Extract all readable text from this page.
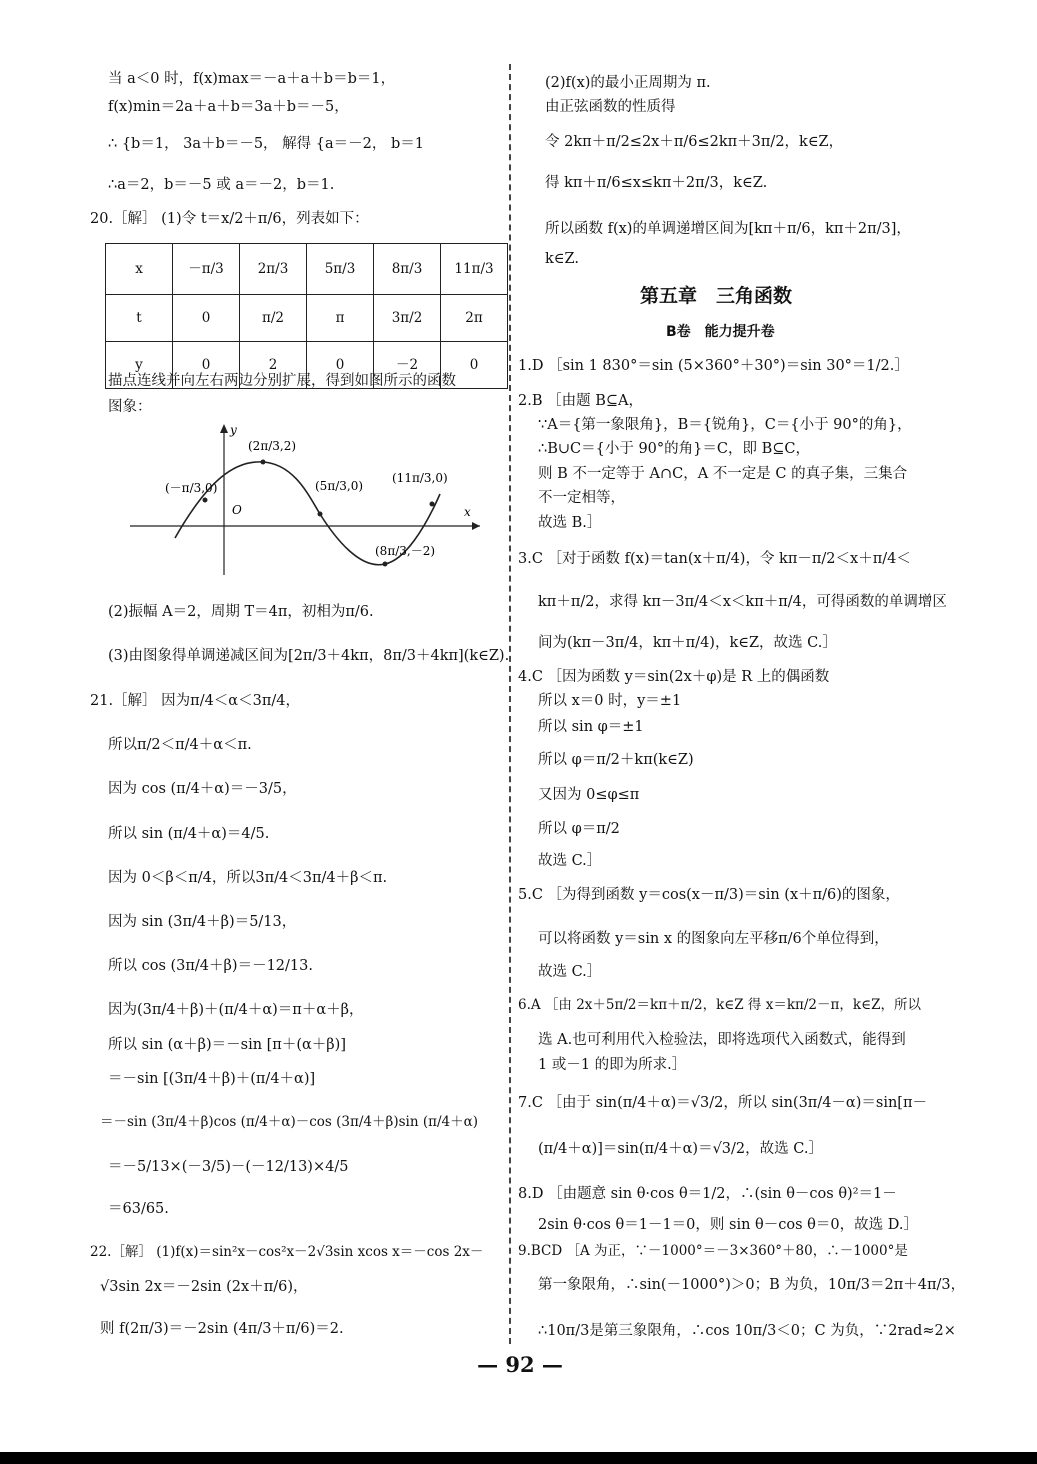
当 a＜0 时，f(x)max＝－a＋a＋b＝b＝1，
f(x)min＝2a＋a＋b＝3a＋b＝－5，
∴ {b＝1， 3a＋b＝－5， 解得 {a＝－2， b＝1
∴a＝2，b＝－5 或 a＝－2，b＝1.
20.［解］ (1)令 t＝x/2＋π/6，列表如下：
x	－π/3	2π/3	5π/3	8π/3	11π/3
t	0	π/2	π	3π/2	2π
y	0	2	0	－2	0
描点连线并向左右两边分别扩展，得到如图所示的函数
图象：
y
x
O
(－π/3,0)
(2π/3,2)
(5π/3,0)
(11π/3,0)
(8π/3,－2)
(2)振幅 A＝2，周期 T＝4π，初相为π/6.
(3)由图象得单调递减区间为[2π/3＋4kπ，8π/3＋4kπ](k∈Z).
21.［解］ 因为π/4＜α＜3π/4，
所以π/2＜π/4＋α＜π.
因为 cos (π/4＋α)＝－3/5，
所以 sin (π/4＋α)＝4/5.
因为 0＜β＜π/4，所以3π/4＜3π/4＋β＜π.
因为 sin (3π/4＋β)＝5/13，
所以 cos (3π/4＋β)＝－12/13.
因为(3π/4＋β)＋(π/4＋α)＝π＋α＋β，
所以 sin (α＋β)＝－sin [π＋(α＋β)]
＝－sin [(3π/4＋β)＋(π/4＋α)]
＝－sin (3π/4＋β)cos (π/4＋α)－cos (3π/4＋β)sin (π/4＋α)
＝－5/13×(－3/5)－(－12/13)×4/5
＝63/65.
22.［解］ (1)f(x)＝sin²x－cos²x－2√3sin xcos x＝－cos 2x－
√3sin 2x＝－2sin (2x＋π/6)，
则 f(2π/3)＝－2sin (4π/3＋π/6)＝2.
(2)f(x)的最小正周期为 π.
由正弦函数的性质得
令 2kπ＋π/2≤2x＋π/6≤2kπ＋3π/2，k∈Z，
得 kπ＋π/6≤x≤kπ＋2π/3，k∈Z.
所以函数 f(x)的单调递增区间为[kπ＋π/6，kπ＋2π/3]，
k∈Z.
第五章　三角函数
B卷　能力提升卷
1.D ［sin 1 830°＝sin (5×360°＋30°)＝sin 30°＝1/2.］
2.B ［由题 B⊆A，
∵A＝{第一象限角}，B＝{锐角}，C＝{小于 90°的角}，
∴B∪C＝{小于 90°的角}＝C，即 B⊆C，
则 B 不一定等于 A∩C，A 不一定是 C 的真子集，三集合
不一定相等，
故选 B.］
3.C ［对于函数 f(x)＝tan(x＋π/4)，令 kπ－π/2＜x＋π/4＜
kπ＋π/2，求得 kπ－3π/4＜x＜kπ＋π/4，可得函数的单调增区
间为(kπ－3π/4，kπ＋π/4)，k∈Z，故选 C.］
4.C ［因为函数 y＝sin(2x＋φ)是 R 上的偶函数
所以 x＝0 时，y＝±1
所以 sin φ＝±1
所以 φ＝π/2＋kπ(k∈Z)
又因为 0≤φ≤π
所以 φ＝π/2
故选 C.］
5.C ［为得到函数 y＝cos(x－π/3)＝sin (x＋π/6)的图象，
可以将函数 y＝sin x 的图象向左平移π/6个单位得到，
故选 C.］
6.A ［由 2x＋5π/2＝kπ＋π/2，k∈Z 得 x＝kπ/2－π，k∈Z，所以
选 A.也可利用代入检验法，即将选项代入函数式，能得到
1 或－1 的即为所求.］
7.C ［由于 sin(π/4＋α)＝√3/2，所以 sin(3π/4－α)＝sin[π－
(π/4＋α)]＝sin(π/4＋α)＝√3/2，故选 C.］
8.D ［由题意 sin θ·cos θ＝1/2，∴(sin θ－cos θ)²＝1－
2sin θ·cos θ＝1－1＝0，则 sin θ－cos θ＝0，故选 D.］
9.BCD ［A 为正，∵－1000°＝－3×360°＋80，∴－1000°是
第一象限角，∴sin(－1000°)＞0；B 为负，10π/3＝2π＋4π/3，
∴10π/3是第三象限角，∴cos 10π/3＜0；C 为负，∵2rad≈2×
— 92 —
